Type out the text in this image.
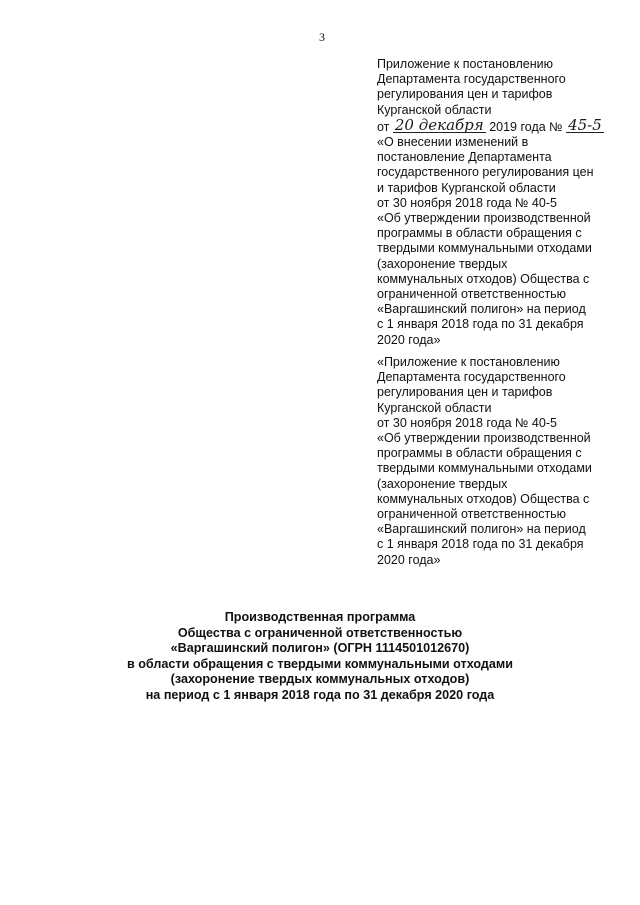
3
Приложение к постановлению
Департамента государственного
регулирования цен и тарифов
Курганской области
от 20 декабря 2019 года № 45-5
«О внесении изменений в
постановление Департамента
государственного регулирования цен
и тарифов Курганской области
от 30 ноября 2018 года № 40-5
«Об утверждении производственной
программы в области обращения с
твердыми коммунальными отходами
(захоронение твердых
коммунальных отходов) Общества с
ограниченной ответственностью
«Варгашинский полигон» на период
с 1 января 2018 года по 31 декабря
2020 года»
«Приложение к постановлению
Департамента государственного
регулирования цен и тарифов
Курганской области
от 30 ноября 2018 года № 40-5
«Об утверждении производственной
программы в области обращения с
твердыми коммунальными отходами
(захоронение твердых
коммунальных отходов) Общества с
ограниченной ответственностью
«Варгашинский полигон» на период
с 1 января 2018 года по 31 декабря
2020 года»
Производственная программа
Общества с ограниченной ответственностью
«Варгашинский полигон» (ОГРН 1114501012670)
в области обращения с твердыми коммунальными отходами
(захоронение твердых коммунальных отходов)
на период с 1 января 2018 года по 31 декабря 2020 года
